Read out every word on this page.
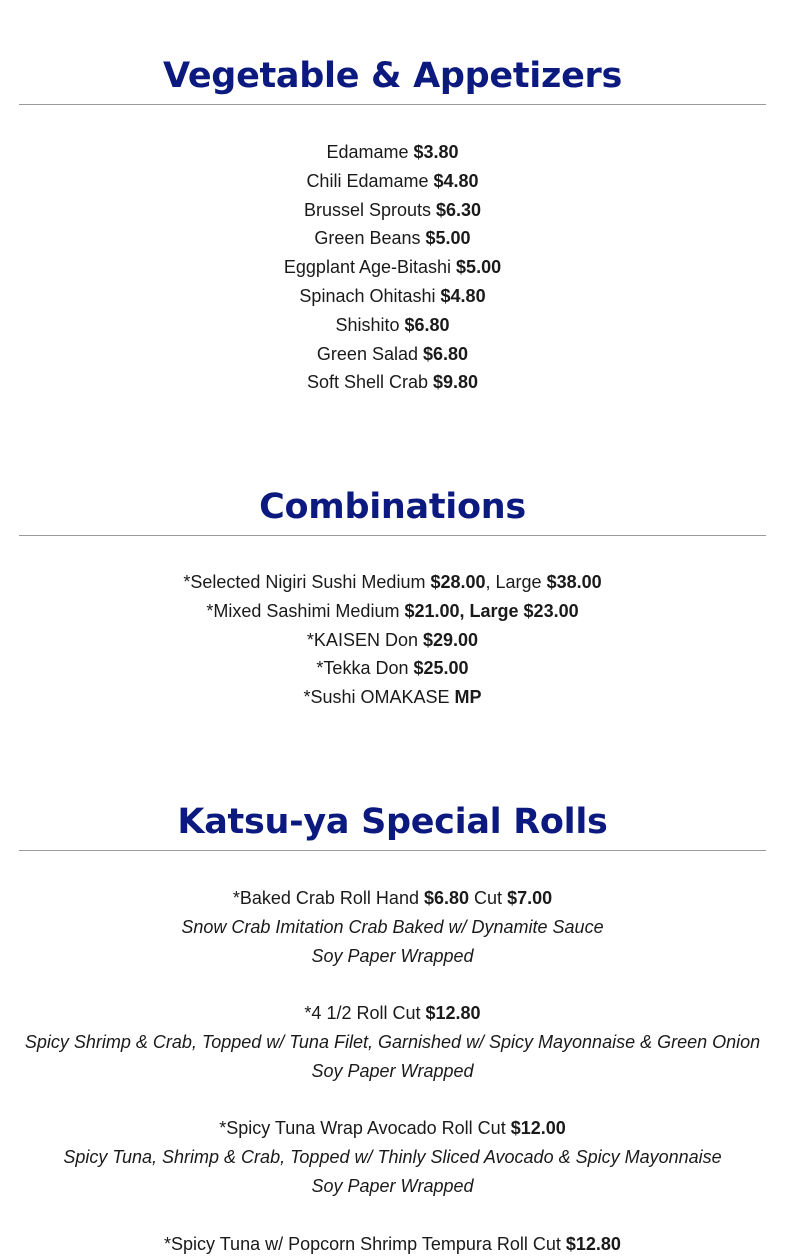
Vegetable & Appetizers
Edamame $3.80
Chili Edamame $4.80
Brussel Sprouts $6.30
Green Beans $5.00
Eggplant Age-Bitashi $5.00
Spinach Ohitashi $4.80
Shishito $6.80
Green Salad $6.80
Soft Shell Crab $9.80
Combinations
*Selected Nigiri Sushi Medium $28.00, Large $38.00
*Mixed Sashimi Medium $21.00, Large $23.00
*KAISEN Don $29.00
*Tekka Don $25.00
*Sushi OMAKASE MP
Katsu-ya Special Rolls
*Baked Crab Roll Hand $6.80 Cut $7.00
Snow Crab Imitation Crab Baked w/ Dynamite Sauce
Soy Paper Wrapped
*4 1/2 Roll Cut $12.80
Spicy Shrimp & Crab, Topped w/ Tuna Filet, Garnished w/ Spicy Mayonnaise & Green Onion
Soy Paper Wrapped
*Spicy Tuna Wrap Avocado Roll Cut $12.00
Spicy Tuna, Shrimp & Crab, Topped w/ Thinly Sliced Avocado & Spicy Mayonnaise
Soy Paper Wrapped
*Spicy Tuna w/ Popcorn Shrimp Tempura Roll Cut $12.80
